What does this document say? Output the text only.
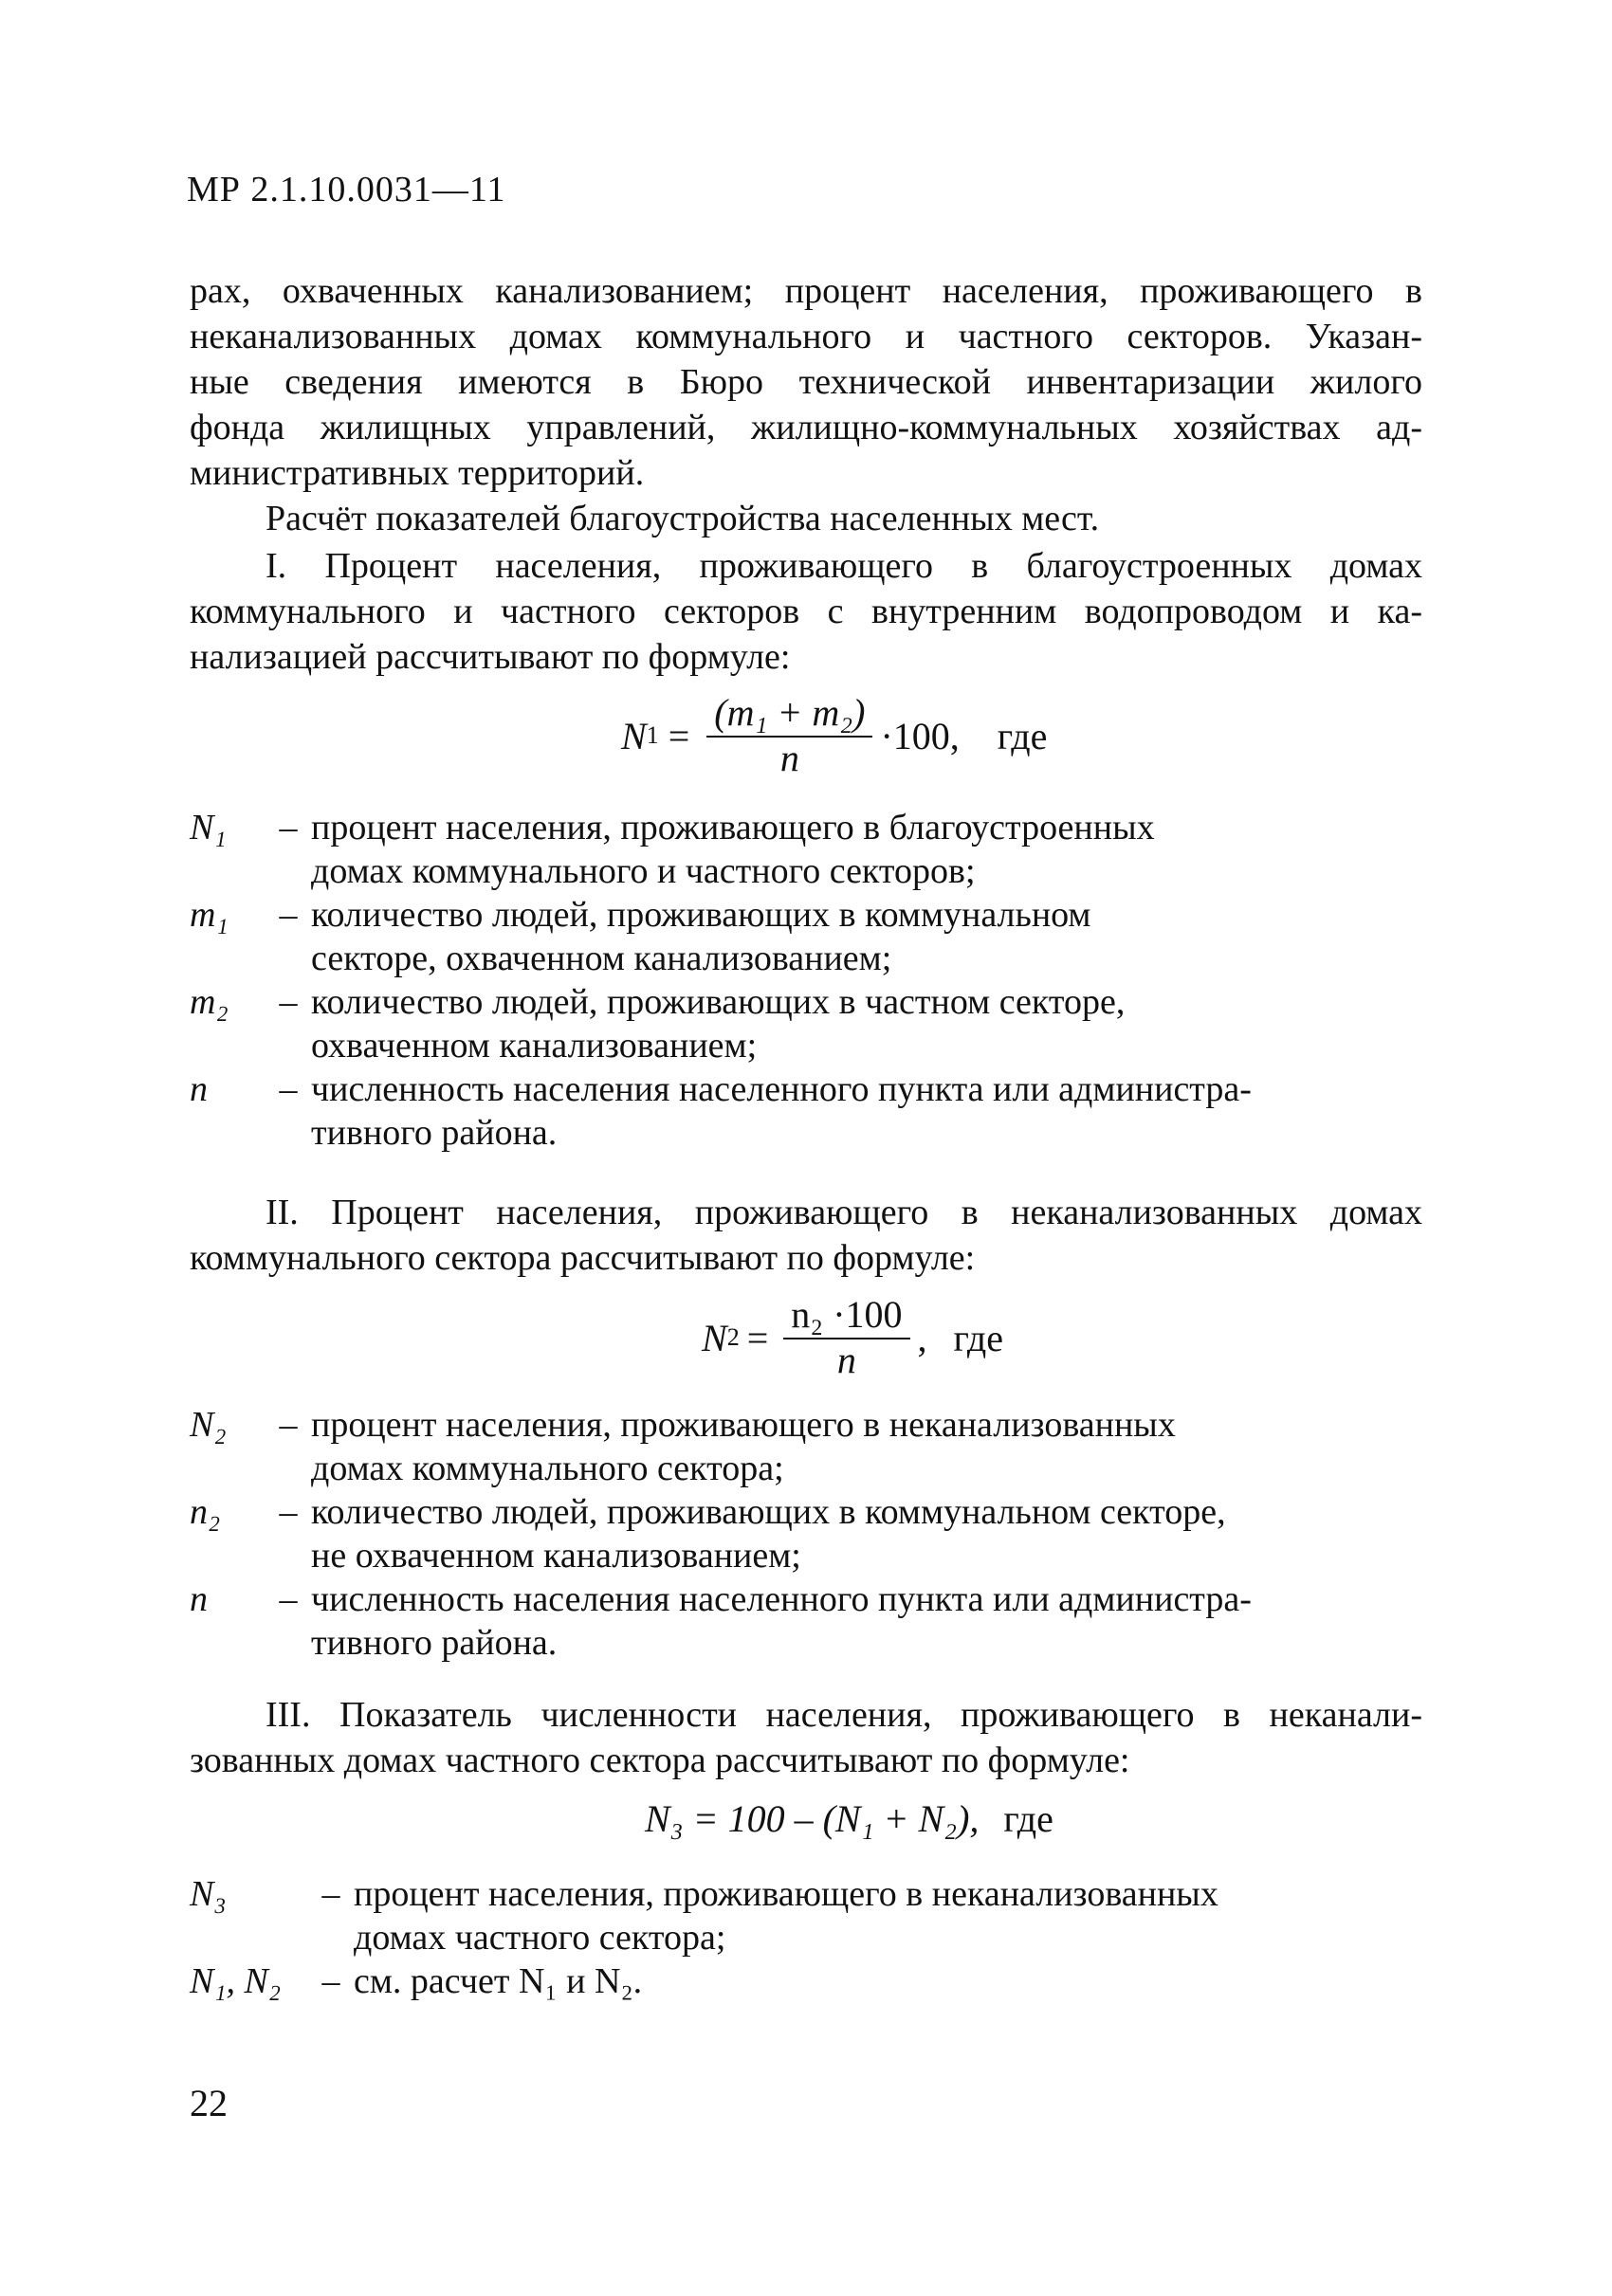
МР 2.1.10.0031—11
рах, охваченных канализованием; процент населения, проживающего в
неканализованных домах коммунального и частного секторов. Указан-
ные сведения имеются в Бюро технической инвентаризации жилого
фонда жилищных управлений, жилищно-коммунальных хозяйствах ад-
министративных территорий.
Расчёт показателей благоустройства населенных мест.
I. Процент населения, проживающего в благоустроенных домах
коммунального и частного секторов с внутренним водопроводом и ка-
нализацией рассчитывают по формуле:
N $1 = \frac{\text{(m₁ + m₂)}}{n} \cdot 100$, где
N₁	– процент населения, проживающего в благоустроенных
домах коммунального и частного секторов;
m₁	– количество людей, проживающих в коммунальном
секторе, охваченном канализованием;
m₂	– количество людей, проживающих в частном секторе,
охваченном канализованием;
n	– численность населения населенного пункта или администра-
тивного района.
II. Процент населения, проживающего в неканализованных домах
коммунального сектора рассчитывают по формуле:
N $2 = \frac{\text{n₂ ·100}}{n}$ , где
N₂	– процент населения, проживающего в неканализованных
домах коммунального сектора;
n₂	– количество людей, проживающих в коммунальном секторе,
не охваченном канализованием;
n	– численность населения населенного пункта или администра-
тивного района.
III. Показатель численности населения, проживающего в неканали-
зованных домах частного сектора рассчитывают по формуле:
N₃ = 100 – (N₁ + N₂), где
N₃	– процент населения, проживающего в неканализованных
домах частного сектора;
N₁, N₂	– см. расчет N₁ и N₂.
22
